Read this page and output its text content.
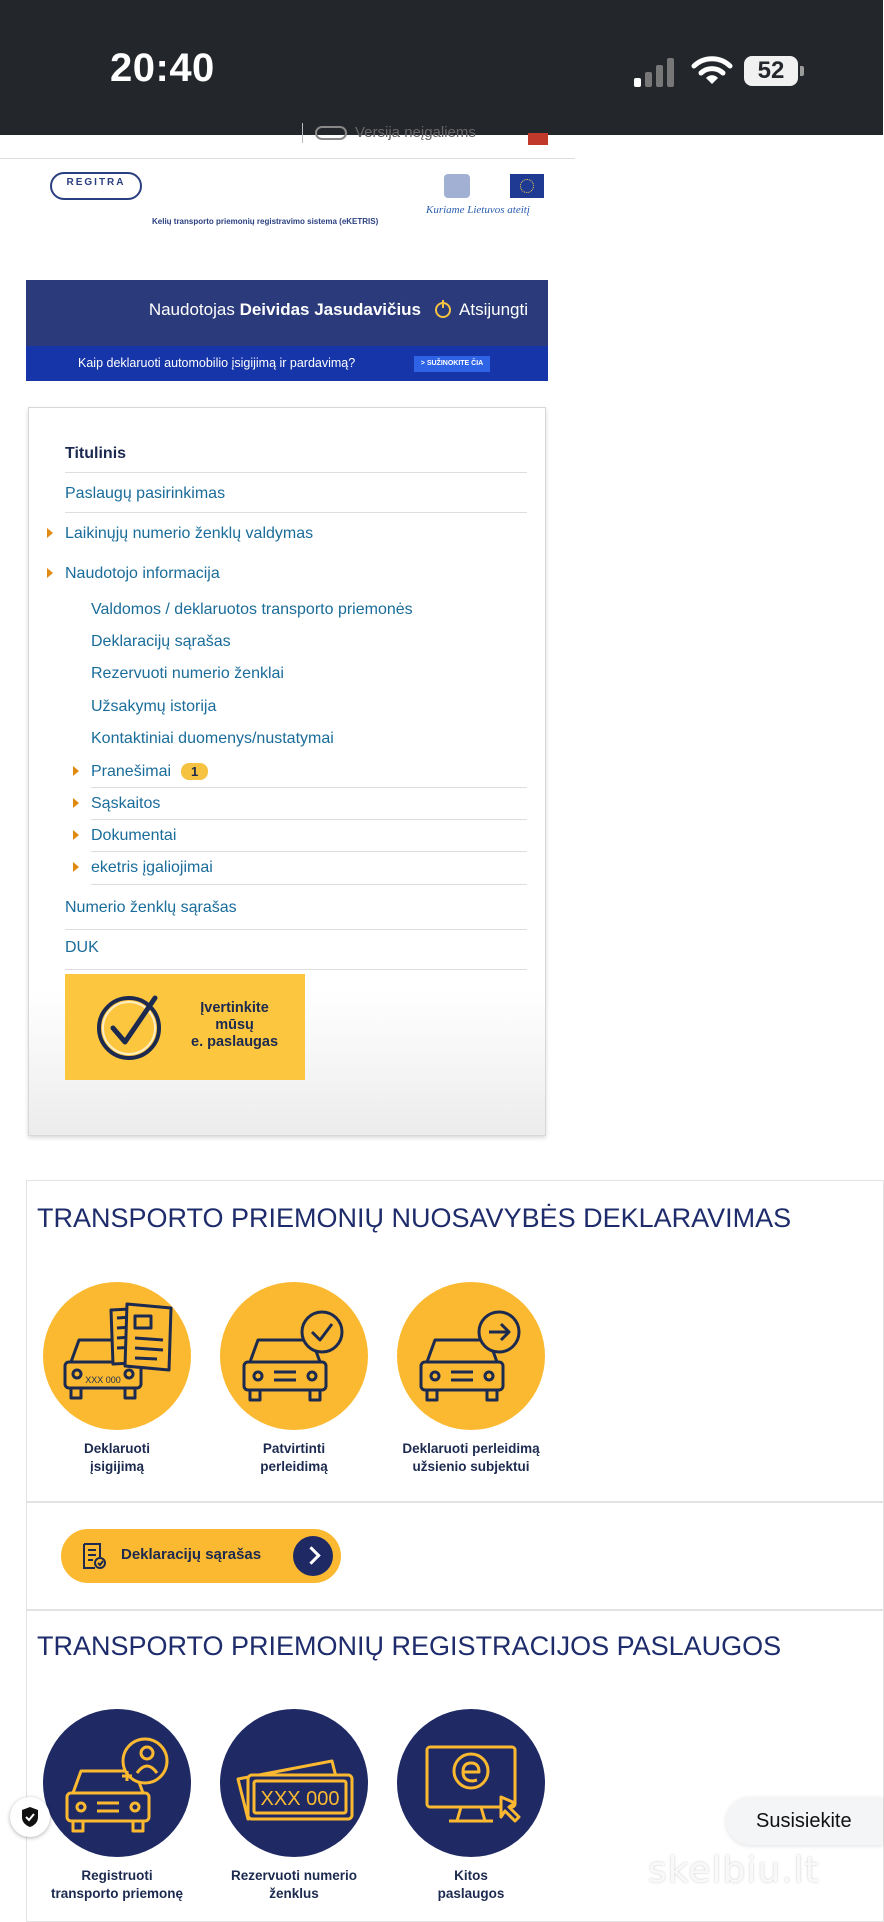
20:40	52
Versija neįgaliems
REGITRA
Kelių transporto priemonių registravimo sistema (eKETRIS)
Kuriame Lietuvos ateitį
Naudotojas Deividas Jasudavičius Atsijungti
Kaip deklaruoti automobilio įsigijimą ir pardavimą?	> SUŽINOKITE ČIA
Titulinis
Paslaugų pasirinkimas
Laikinųjų numerio ženklų valdymas
Naudotojo informacija
Valdomos / deklaruotos transporto priemonės
Deklaracijų sąrašas
Rezervuoti numerio ženklai
Užsakymų istorija
Kontaktiniai duomenys/nustatymai
Pranešimai 1
Sąskaitos
Dokumentai
eketris įgaliojimai
Numerio ženklų sąrašas
DUK
Įvertinkite
mūsų
e. paslaugas
TRANSPORTO PRIEMONIŲ NUOSAVYBĖS DEKLARAVIMAS
XXX 000
Deklaruoti
įsigijimą
Patvirtinti
perleidimą
Deklaruoti perleidimą
užsienio subjektui
Deklaracijų sąrašas
TRANSPORTO PRIEMONIŲ REGISTRACIJOS PASLAUGOS
Registruoti
transporto priemonę
XXX 000
Rezervuoti numerio
ženklus
Kitos
paslaugos
Susisiekite
skelbiu.lt
